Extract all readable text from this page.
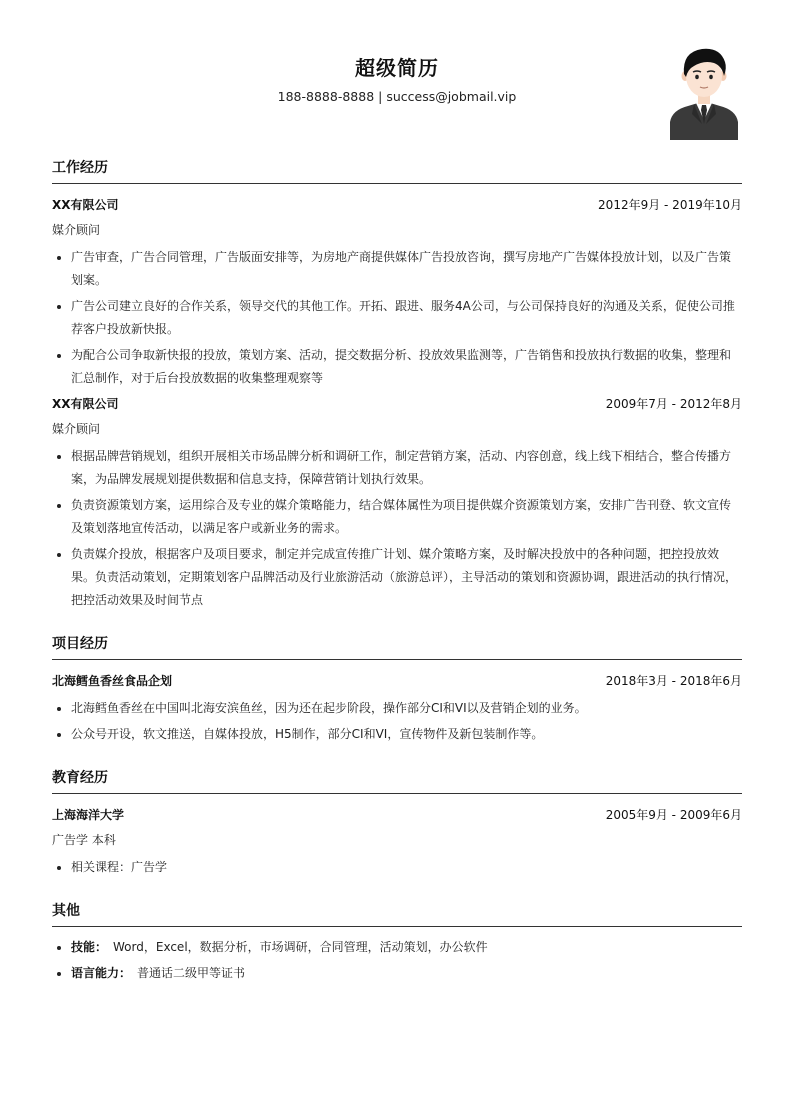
超级简历
188-8888-8888 | success@jobmail.vip
工作经历
XX有限公司	2012年9月 - 2019年10月
媒介顾问
• 广告审查，广告合同管理，广告版面安排等，为房地产商提供媒体广告投放咨询，撰写房地产广告媒体投放计划，以及广告策划案。
• 广告公司建立良好的合作关系，领导交代的其他工作。开拓、跟进、服务4A公司，与公司保持良好的沟通及关系，促使公司推荐客户投放新快报。
• 为配合公司争取新快报的投放，策划方案、活动，提交数据分析、投放效果监测等，广告销售和投放执行数据的收集，整理和汇总制作，对于后台投放数据的收集整理观察等
XX有限公司	2009年7月 - 2012年8月
媒介顾问
• 根据品牌营销规划，组织开展相关市场品牌分析和调研工作，制定营销方案，活动、内容创意，线上线下相结合，整合传播方案，为品牌发展规划提供数据和信息支持，保障营销计划执行效果。
• 负责资源策划方案，运用综合及专业的媒介策略能力，结合媒体属性为项目提供媒介资源策划方案，安排广告刊登、软文宣传及策划落地宣传活动，以满足客户或新业务的需求。
• 负责媒介投放，根据客户及项目要求，制定并完成宣传推广计划、媒介策略方案，及时解决投放中的各种问题，把控投放效果。负责活动策划，定期策划客户品牌活动及行业旅游活动（旅游总评），主导活动的策划和资源协调，跟进活动的执行情况，把控活动效果及时间节点
项目经历
北海鳕鱼香丝食品企划	2018年3月 - 2018年6月
• 北海鳕鱼香丝在中国叫北海安滨鱼丝，因为还在起步阶段，操作部分CI和VI以及营销企划的业务。
• 公众号开设，软文推送，自媒体投放，H5制作，部分CI和VI，宣传物件及新包装制作等。
教育经历
上海海洋大学	2005年9月 - 2009年6月
广告学 本科
• 相关课程：广告学
其他
• 技能： Word，Excel，数据分析，市场调研，合同管理，活动策划，办公软件
• 语言能力： 普通话二级甲等证书
